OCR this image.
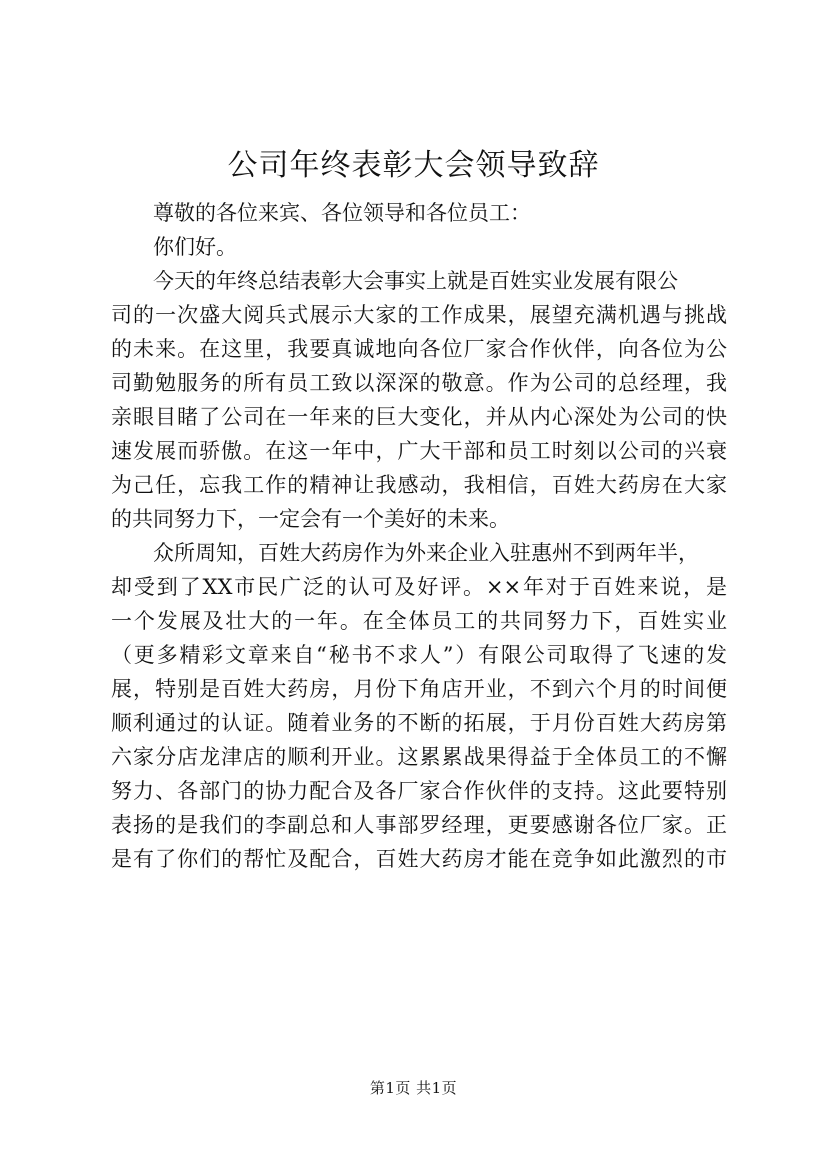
公司年终表彰大会领导致辞
尊敬的各位来宾、各位领导和各位员工：
你们好。
今天的年终总结表彰大会事实上就是百姓实业发展有限公
司的一次盛大阅兵式展示大家的工作成果，展望充满机遇与挑战
的未来。在这里，我要真诚地向各位厂家合作伙伴，向各位为公
司勤勉服务的所有员工致以深深的敬意。作为公司的总经理，我
亲眼目睹了公司在一年来的巨大变化，并从内心深处为公司的快
速发展而骄傲。在这一年中，广大干部和员工时刻以公司的兴衰
为己任，忘我工作的精神让我感动，我相信，百姓大药房在大家
的共同努力下，一定会有一个美好的未来。
众所周知，百姓大药房作为外来企业入驻惠州不到两年半，
却受到了XX市民广泛的认可及好评。××年对于百姓来说，是
一个发展及壮大的一年。在全体员工的共同努力下，百姓实业
（更多精彩文章来自“秘书不求人”）有限公司取得了飞速的发
展，特别是百姓大药房，月份下角店开业，不到六个月的时间便
顺利通过的认证。随着业务的不断的拓展，于月份百姓大药房第
六家分店龙津店的顺利开业。这累累战果得益于全体员工的不懈
努力、各部门的协力配合及各厂家合作伙伴的支持。这此要特别
表扬的是我们的李副总和人事部罗经理，更要感谢各位厂家。正
是有了你们的帮忙及配合，百姓大药房才能在竞争如此激烈的市
第1页 共1页
